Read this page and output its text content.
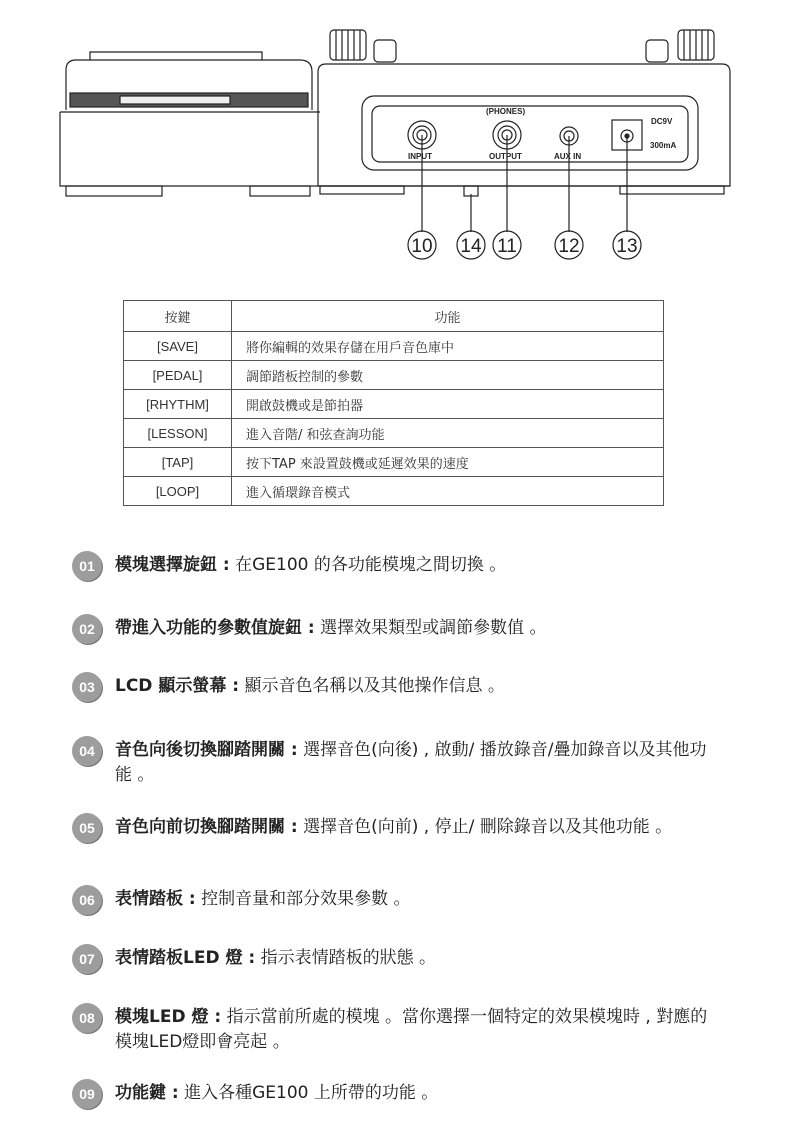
(PHONES)
DC9V
300mA
INPUT	OUTPUT	AUX IN
10 14 11 12 13
按鍵	功能
[SAVE]	將你編輯的效果存儲在用戶音色庫中
[PEDAL]	調節踏板控制的參數
[RHYTHM]	開啟鼓機或是節拍器
[LESSON]	進入音階/ 和弦查詢功能
[TAP]	按下TAP 來設置鼓機或延遲效果的速度
[LOOP]	進入循環錄音模式
01	模塊選擇旋鈕 : 在GE100 的各功能模塊之間切換 。
02	帶進入功能的參數值旋鈕 : 選擇效果類型或調節參數值 。
03	LCD 顯示螢幕 : 顯示音色名稱以及其他操作信息 。
04	音色向後切換腳踏開關 : 選擇音色(向後) , 啟動/ 播放錄音/疊加錄音以及其他功能 。
05	音色向前切換腳踏開關 : 選擇音色(向前) , 停止/ 刪除錄音以及其他功能 。
06	表情踏板 : 控制音量和部分效果參數 。
07	表情踏板LED 燈 : 指示表情踏板的狀態 。
08	模塊LED 燈 : 指示當前所處的模塊 。當你選擇一個特定的效果模塊時 , 對應的模塊LED燈即會亮起 。
09	功能鍵 : 進入各種GE100 上所帶的功能 。
